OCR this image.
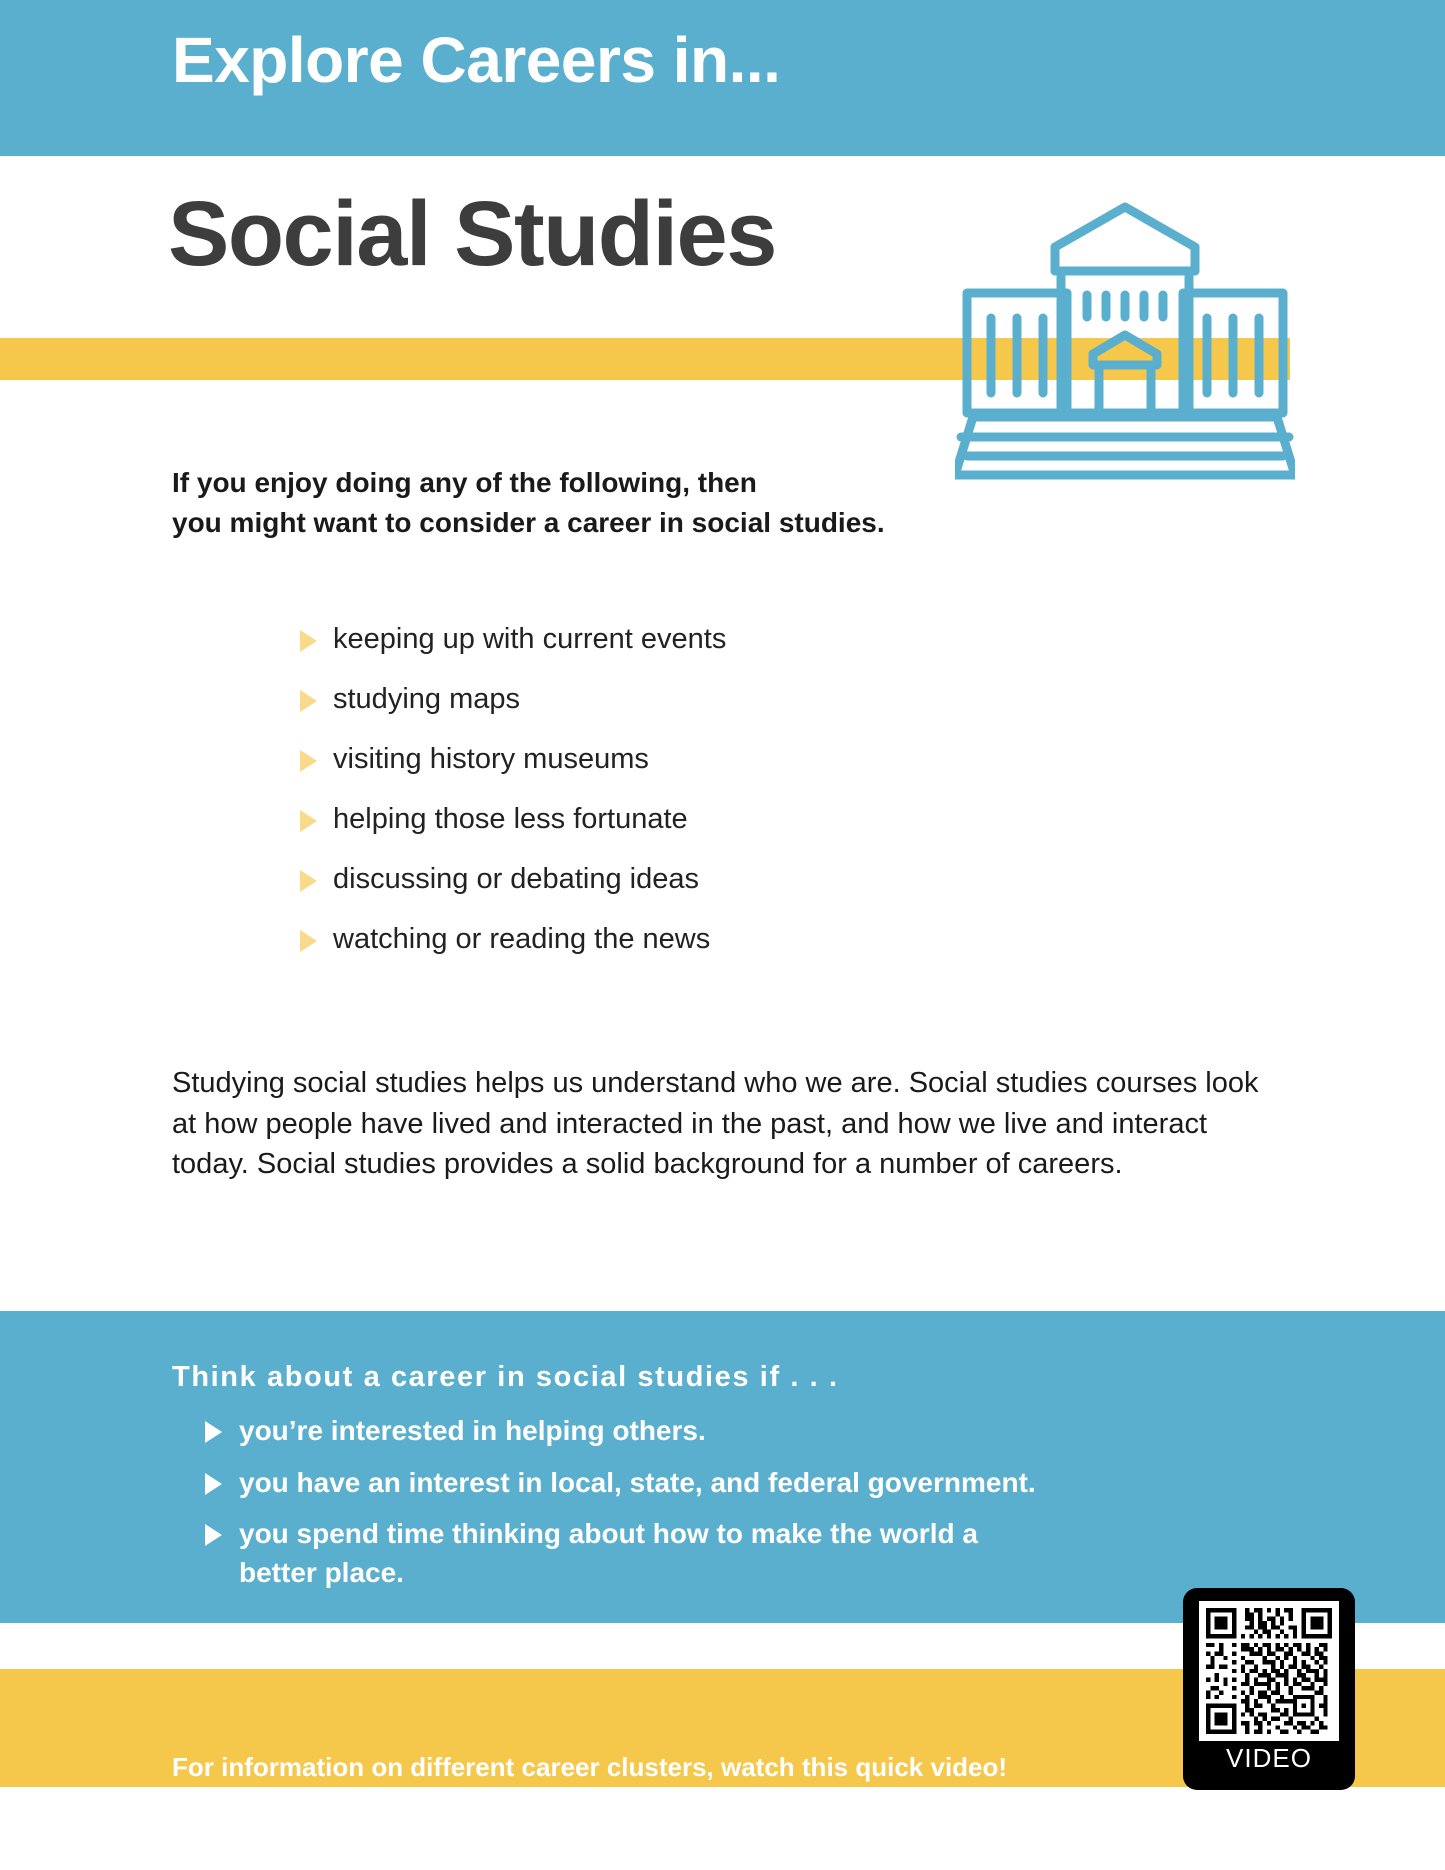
Explore Careers in...
Social Studies
If you enjoy doing any of the following, then
you might want to consider a career in social studies.
keeping up with current events
studying maps
visiting history museums
helping those less fortunate
discussing or debating ideas
watching or reading the news
Studying social studies helps us understand who we are. Social studies courses look at how people have lived and interacted in the past, and how we live and interact today. Social studies provides a solid background for a number of careers.
Think about a career in social studies if . . .
you’re interested in helping others.
you have an interest in local, state, and federal government.
you spend time thinking about how to make the world a better place.
VIDEO
For information on different career clusters, watch this quick video!
